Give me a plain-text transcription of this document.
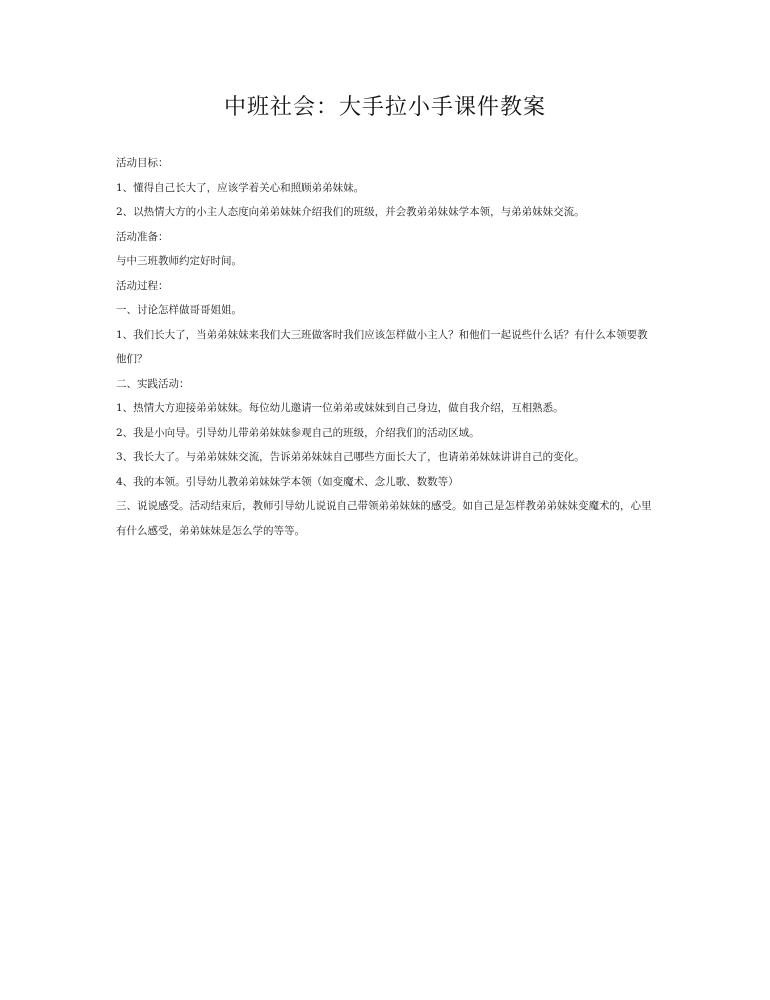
中班社会：大手拉小手课件教案

活动目标：

1、懂得自己长大了，应该学着关心和照顾弟弟妹妹。

2、以热情大方的小主人态度向弟弟妹妹介绍我们的班级，并会教弟弟妹妹学本领，与弟弟妹妹交流。

活动准备：

与中三班教师约定好时间。

活动过程：

一、讨论怎样做哥哥姐姐。

1、我们长大了，当弟弟妹妹来我们大三班做客时我们应该怎样做小主人？和他们一起说些什么话？有什么本领要教他们？

二、实践活动：

1、热情大方迎接弟弟妹妹。每位幼儿邀请一位弟弟或妹妹到自己身边，做自我介绍，互相熟悉。

2、我是小向导。引导幼儿带弟弟妹妹参观自己的班级，介绍我们的活动区域。

3、我长大了。与弟弟妹妹交流，告诉弟弟妹妹自己哪些方面长大了，也请弟弟妹妹讲讲自己的变化。

4、我的本领。引导幼儿教弟弟妹妹学本领（如变魔术、念儿歌、数数等）

三、说说感受。活动结束后，教师引导幼儿说说自己带领弟弟妹妹的感受。如自己是怎样教弟弟妹妹变魔术的，心里有什么感受，弟弟妹妹是怎么学的等等。
